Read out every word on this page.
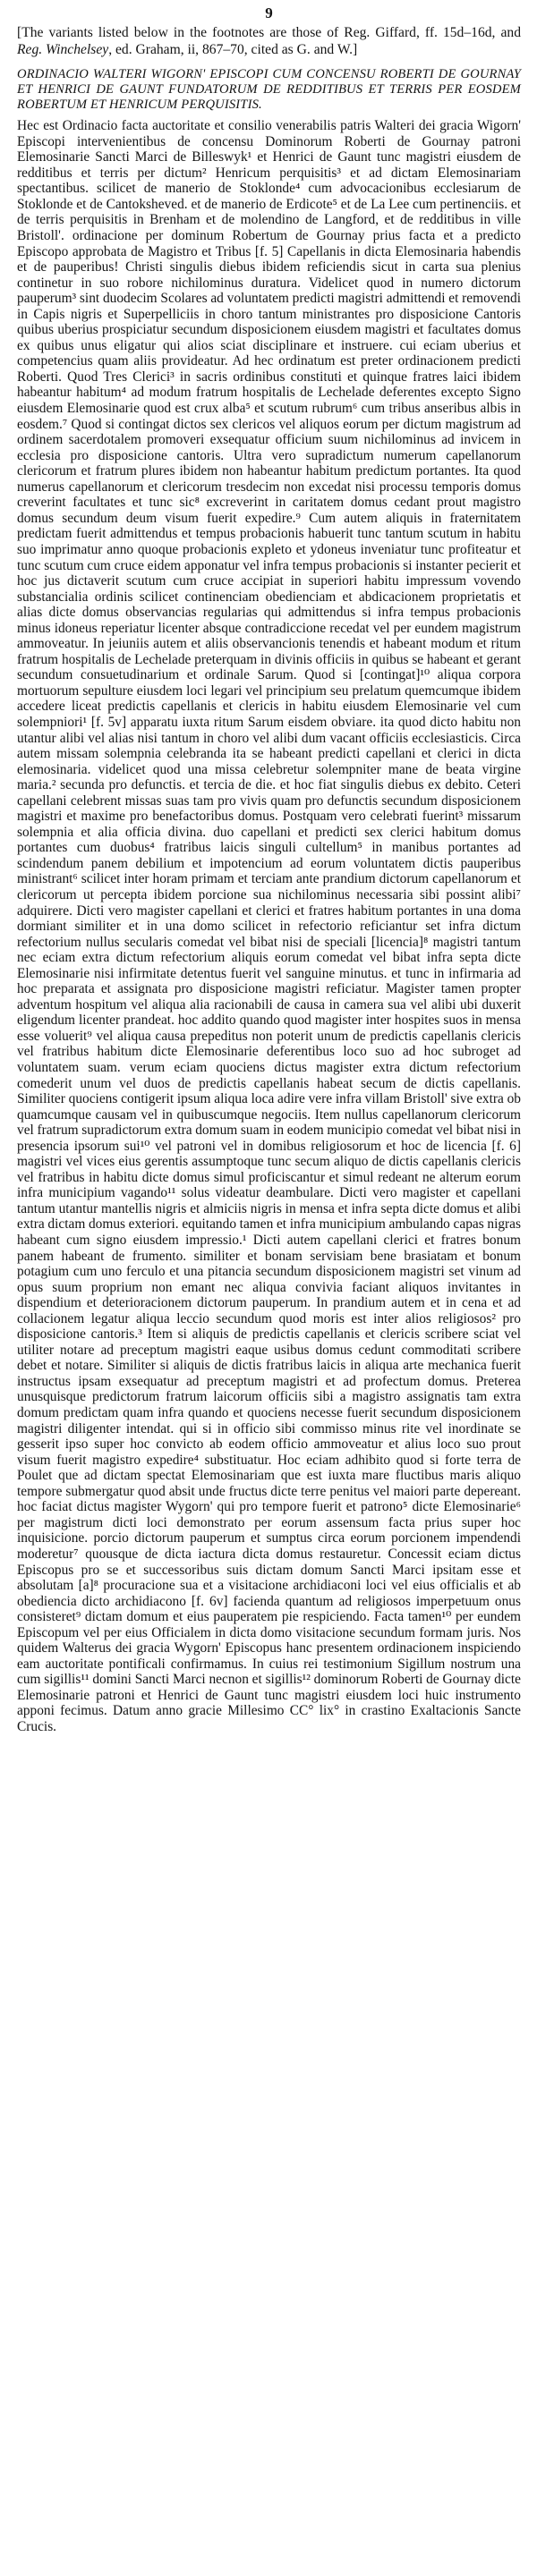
9

[The variants listed below in the footnotes are those of Reg. Giffard, ff. 15d–16d, and Reg. Winchelsey, ed. Graham, ii, 867–70, cited as G. and W.]

ORDINACIO WALTERI WIGORN' EPISCOPI CUM CONCENSU ROBERTI DE GOURNAY ET HENRICI DE GAUNT FUNDATORUM DE REDDITIBUS ET TERRIS PER EOSDEM ROBERTUM ET HENRICUM PERQUISITIS.

Hec est Ordinacio facta auctoritate et consilio venerabilis patris Walteri dei gracia Wigorn' Episcopi intervenientibus de concensu Dominorum Roberti de Gournay patroni Elemosinarie Sancti Marci de Billeswyk¹ et Henrici de Gaunt tunc magistri eiusdem de redditibus et terris per dictum² Henricum perquisitis³ et ad dictam Elemosinariam spectantibus. scilicet de manerio de Stoklonde⁴ cum advocacionibus ecclesiarum de Stoklonde et de Cantoksheved. et de manerio de Erdicote⁵ et de La Lee cum pertinenciis. et de terris perquisitis in Brenham et de molendino de Langford, et de redditibus in ville Bristoll'. ordinacione per dominum Robertum de Gournay prius facta et a predicto Episcopo approbata de Magistro et Tribus [f. 5] Capellanis in dicta Elemosinaria habendis et de pauperibus! Christi singulis diebus ibidem reficiendis sicut in carta sua plenius continetur in suo robore nichilominus duratura. Videlicet quod in numero dictorum pauperum³ sint duodecim Scolares ad voluntatem predicti magistri admittendi et removendi in Capis nigris et Superpelliciis in choro tantum ministrantes pro disposicione Cantoris quibus uberius prospiciatur secundum disposicionem eiusdem magistri et facultates domus ex quibus unus eligatur qui alios sciat disciplinare et instruere. cui eciam uberius et competencius quam aliis provideatur. Ad hec ordinatum est preter ordinacionem predicti Roberti. Quod Tres Clerici³ in sacris ordinibus constituti et quinque fratres laici ibidem habeantur habitum⁴ ad modum fratrum hospitalis de Lechelade deferentes excepto Signo eiusdem Elemosinarie quod est crux alba⁵ et scutum rubrum⁶ cum tribus anseribus albis in eosdem.⁷ Quod si contingat dictos sex clericos vel aliquos eorum per dictum magistrum ad ordinem sacerdotalem promoveri exsequatur officium suum nichilominus ad invicem in ecclesia pro disposicione cantoris. Ultra vero supradictum numerum capellanorum clericorum et fratrum plures ibidem non habeantur habitum predictum portantes. Ita quod numerus capellanorum et clericorum tresdecim non excedat nisi processu temporis domus creverint facultates et tunc sic⁸ excreverint in caritatem domus cedant prout magistro domus secundum deum visum fuerit expedire.⁹ Cum autem aliquis in fraternitatem predictam fuerit admittendus et tempus probacionis habuerit tunc tantum scutum in habitu suo imprimatur anno quoque probacionis expleto et ydoneus inveniatur tunc profiteatur et tunc scutum cum cruce eidem apponatur vel infra tempus probacionis si instanter pecierit et hoc jus dictaverit scutum cum cruce accipiat in superiori habitu impressum vovendo substancialia ordinis scilicet continenciam obedienciam et abdicacionem proprietatis et alias dicte domus observancias regularias qui admittendus si infra tempus probacionis minus idoneus reperiatur licenter absque contradiccione recedat vel per eundem magistrum ammoveatur. In jeiuniis autem et aliis observancionis tenendis et habeant modum et ritum fratrum hospitalis de Lechelade preterquam in divinis officiis in quibus se habeant et gerant secundum consuetudinarium et ordinale Sarum. Quod si [contingat]¹⁰ aliqua corpora mortuorum sepulture eiusdem loci legari vel principium seu prelatum quemcumque ibidem accedere liceat predictis capellanis et clericis in habitu eiusdem Elemosinarie vel cum solempniori¹ [f. 5v] apparatu iuxta ritum Sarum eisdem obviare. ita quod dicto habitu non utantur alibi vel alias nisi tantum in choro vel alibi dum vacant officiis ecclesiasticis. Circa autem missam solempnia celebranda ita se habeant predicti capellani et clerici in dicta elemosinaria. videlicet quod una missa celebretur solempniter mane de beata virgine maria.² secunda pro defunctis. et tercia de die. et hoc fiat singulis diebus ex debito. Ceteri capellani celebrent missas suas tam pro vivis quam pro defunctis secundum disposicionem magistri et maxime pro benefactoribus domus. Postquam vero celebrati fuerint³ missarum solempnia et alia officia divina. duo capellani et predicti sex clerici habitum domus portantes cum duobus⁴ fratribus laicis singuli cultellum⁵ in manibus portantes ad scindendum panem debilium et impotencium ad eorum voluntatem dictis pauperibus ministrant⁶ scilicet inter horam primam et terciam ante prandium dictorum capellanorum et clericorum ut percepta ibidem porcione sua nichilominus necessaria sibi possint alibi⁷ adquirere. Dicti vero magister capellani et clerici et fratres habitum portantes in una doma dormiant similiter et in una domo scilicet in refectorio reficiantur set infra dictum refectorium nullus secularis comedat vel bibat nisi de speciali [licencia]⁸ magistri tantum nec eciam extra dictum refectorium aliquis eorum comedat vel bibat infra septa dicte Elemosinarie nisi infirmitate detentus fuerit vel sanguine minutus. et tunc in infirmaria ad hoc preparata et assignata pro disposicione magistri reficiatur. Magister tamen propter adventum hospitum vel aliqua alia racionabili de causa in camera sua vel alibi ubi duxerit eligendum licenter prandeat. hoc addito quando quod magister inter hospites suos in mensa esse voluerit⁹ vel aliqua causa prepeditus non poterit unum de predictis capellanis clericis vel fratribus habitum dicte Elemosinarie deferentibus loco suo ad hoc subroget ad voluntatem suam. verum eciam quociens dictus magister extra dictum refectorium comederit unum vel duos de predictis capellanis habeat secum de dictis capellanis. Similiter quociens contigerit ipsum aliqua loca adire vere infra villam Bristoll' sive extra ob quamcumque causam vel in quibuscumque negociis. Item nullus capellanorum clericorum vel fratrum supradictorum extra domum suam in eodem municipio comedat vel bibat nisi in presencia ipsorum sui¹⁰ vel patroni vel in domibus religiosorum et hoc de licencia [f. 6] magistri vel vices eius gerentis assumptoque tunc secum aliquo de dictis capellanis clericis vel fratribus in habitu dicte domus simul proficiscantur et simul redeant ne alterum eorum infra municipium vagando¹¹ solus videatur deambulare. Dicti vero magister et capellani tantum utantur mantellis nigris et almiciis nigris in mensa et infra septa dicte domus et alibi extra dictam domus exteriori. equitando tamen et infra municipium ambulando capas nigras habeant cum signo eiusdem impressio.¹ Dicti autem capellani clerici et fratres bonum panem habeant de frumento. similiter et bonam servisiam bene brasiatam et bonum potagium cum uno ferculo et una pitancia secundum disposicionem magistri set vinum ad opus suum proprium non emant nec aliqua convivia faciant aliquos invitantes in dispendium et deterioracionem dictorum pauperum. In prandium autem et in cena et ad collacionem legatur aliqua leccio secundum quod moris est inter alios religiosos² pro disposicione cantoris.³ Item si aliquis de predictis capellanis et clericis scribere sciat vel utiliter notare ad preceptum magistri eaque usibus domus cedunt commoditati scribere debet et notare. Similiter si aliquis de dictis fratribus laicis in aliqua arte mechanica fuerit instructus ipsam exsequatur ad preceptum magistri et ad profectum domus. Preterea unusquisque predictorum fratrum laicorum officiis sibi a magistro assignatis tam extra domum predictam quam infra quando et quociens necesse fuerit secundum disposicionem magistri diligenter intendat. qui si in officio sibi commisso minus rite vel inordinate se gesserit ipso super hoc convicto ab eodem officio ammoveatur et alius loco suo prout visum fuerit magistro expedire⁴ substituatur. Hoc eciam adhibito quod si forte terra de Poulet que ad dictam spectat Elemosinariam que est iuxta mare fluctibus maris aliquo tempore submergatur quod absit unde fructus dicte terre penitus vel maiori parte depereant. hoc faciat dictus magister Wygorn' qui pro tempore fuerit et patrono⁵ dicte Elemosinarie⁶ per magistrum dicti loci demonstrato per eorum assensum facta prius super hoc inquisicione. porcio dictorum pauperum et sumptus circa eorum porcionem impendendi moderetur⁷ quousque de dicta iactura dicta domus restauretur. Concessit eciam dictus Episcopus pro se et successoribus suis dictam domum Sancti Marci ipsitam esse et absolutam [a]⁸ procuracione sua et a visitacione archidiaconi loci vel eius officialis et ab obediencia dicto archidiacono [f. 6v] facienda quantum ad religiosos imperpetuum onus consisteret⁹ dictam domum et eius pauperatem pie respiciendo. Facta tamen¹⁰ per eundem Episcopum vel per eius Officialem in dicta domo visitacione secundum formam juris. Nos quidem Walterus dei gracia Wygorn' Episcopus hanc presentem ordinacionem inspiciendo eam auctoritate pontificali confirmamus. In cuius rei testimonium Sigillum nostrum una cum sigillis¹¹ domini Sancti Marci necnon et sigillis¹² dominorum Roberti de Gournay dicte Elemosinarie patroni et Henrici de Gaunt tunc magistri eiusdem loci huic instrumento apponi fecimus. Datum anno gracie Millesimo CC° lix° in crastino Exaltacionis Sancte Crucis.
